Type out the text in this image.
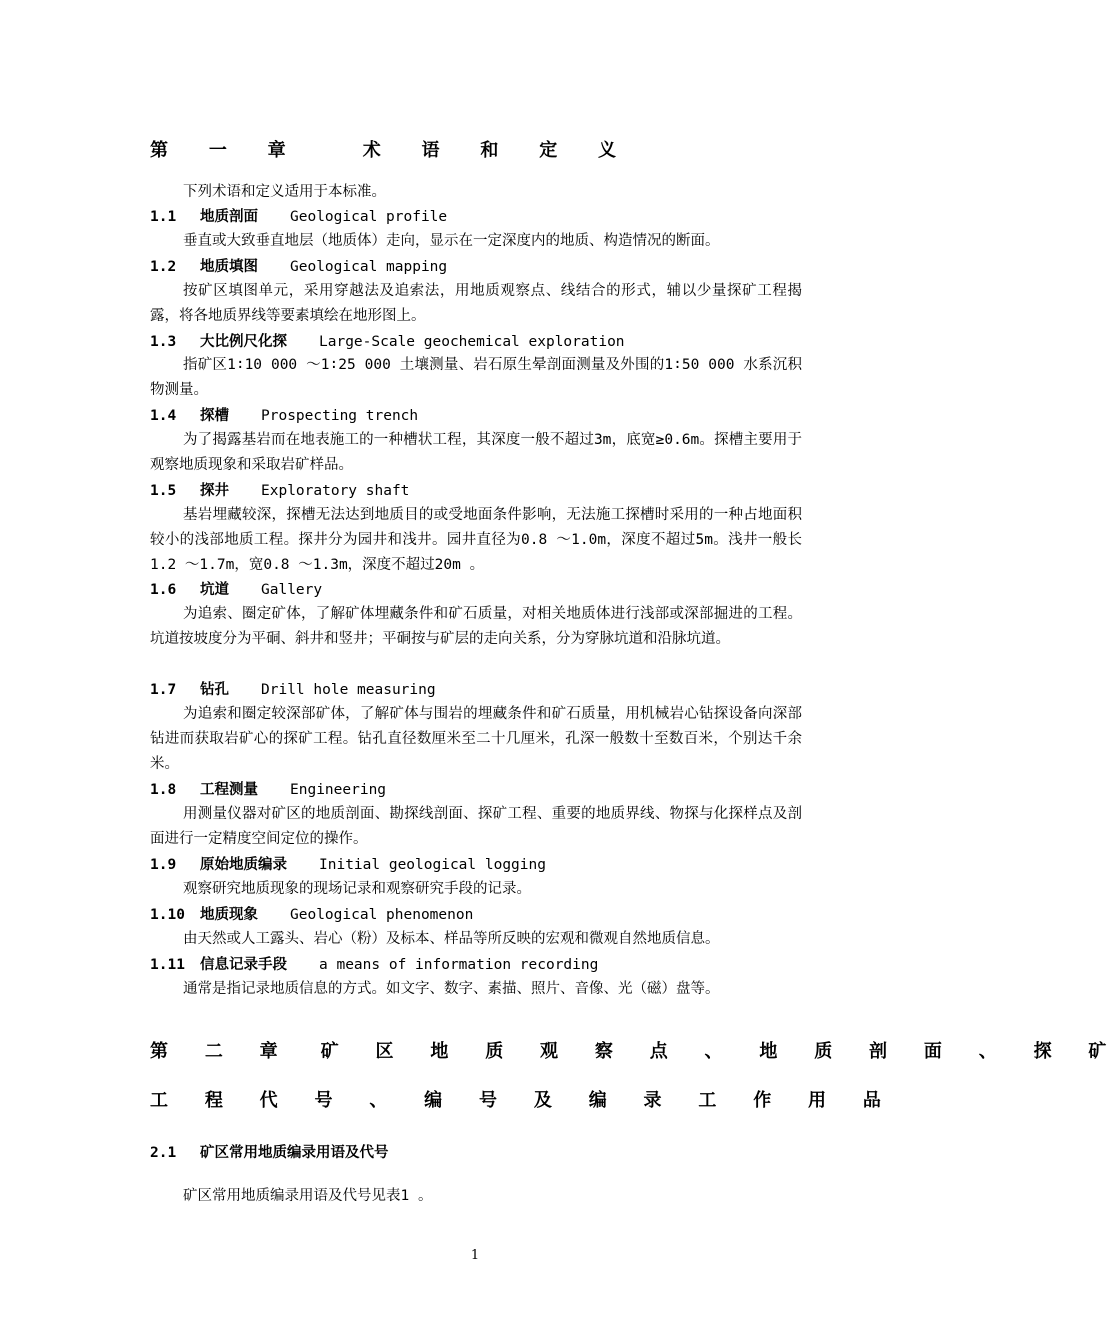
第 一 章	术 语 和 定 义
下列术语和定义适用于本标准。
1.1 地质剖面 Geological profile
垂直或大致垂直地层（地质体）走向，显示在一定深度内的地质、构造情况的断面。
1.2 地质填图 Geological mapping
按矿区填图单元，采用穿越法及追索法，用地质观察点、线结合的形式，辅以少量探矿工程揭露，将各地质界线等要素填绘在地形图上。
1.3 大比例尺化探 Large-Scale geochemical exploration
指矿区1∶10 000 ～1∶25 000 土壤测量、岩石原生晕剖面测量及外围的1∶50 000 水系沉积物测量。
1.4 探槽 Prospecting trench
为了揭露基岩而在地表施工的一种槽状工程，其深度一般不超过3m，底宽≥0.6m。探槽主要用于观察地质现象和采取岩矿样品。
1.5 探井 Exploratory shaft
基岩埋藏较深，探槽无法达到地质目的或受地面条件影响，无法施工探槽时采用的一种占地面积较小的浅部地质工程。探井分为园井和浅井。园井直径为0.8 ～1.0m，深度不超过5m。浅井一般长1.2 ～1.7m，宽0.8 ～1.3m，深度不超过20m 。
1.6 坑道 Gallery
为追索、圈定矿体，了解矿体埋藏条件和矿石质量，对相关地质体进行浅部或深部掘进的工程。坑道按坡度分为平硐、斜井和竖井；平硐按与矿层的走向关系，分为穿脉坑道和沿脉坑道。
1.7 钻孔 Drill hole measuring
为追索和圈定较深部矿体，了解矿体与围岩的埋藏条件和矿石质量，用机械岩心钻探设备向深部钻进而获取岩矿心的探矿工程。钻孔直径数厘米至二十几厘米，孔深一般数十至数百米，个别达千余米。
1.8 工程测量 Engineering
用测量仪器对矿区的地质剖面、勘探线剖面、探矿工程、重要的地质界线、物探与化探样点及剖面进行一定精度空间定位的操作。
1.9 原始地质编录 Initial geological logging
观察研究地质现象的现场记录和观察研究手段的记录。
1.10 地质现象 Geological phenomenon
由天然或人工露头、岩心（粉）及标本、样品等所反映的宏观和微观自然地质信息。
1.11 信息记录手段 a means of information recording
通常是指记录地质信息的方式。如文字、数字、素描、照片、音像、光（磁）盘等。
第 二 章 矿 区 地 质 观 察 点 、 地 质 剖 面 、 探 矿
工 程 代 号 、 编 号 及 编 录 工 作 用 品
2.1 矿区常用地质编录用语及代号
矿区常用地质编录用语及代号见表1 。
1
